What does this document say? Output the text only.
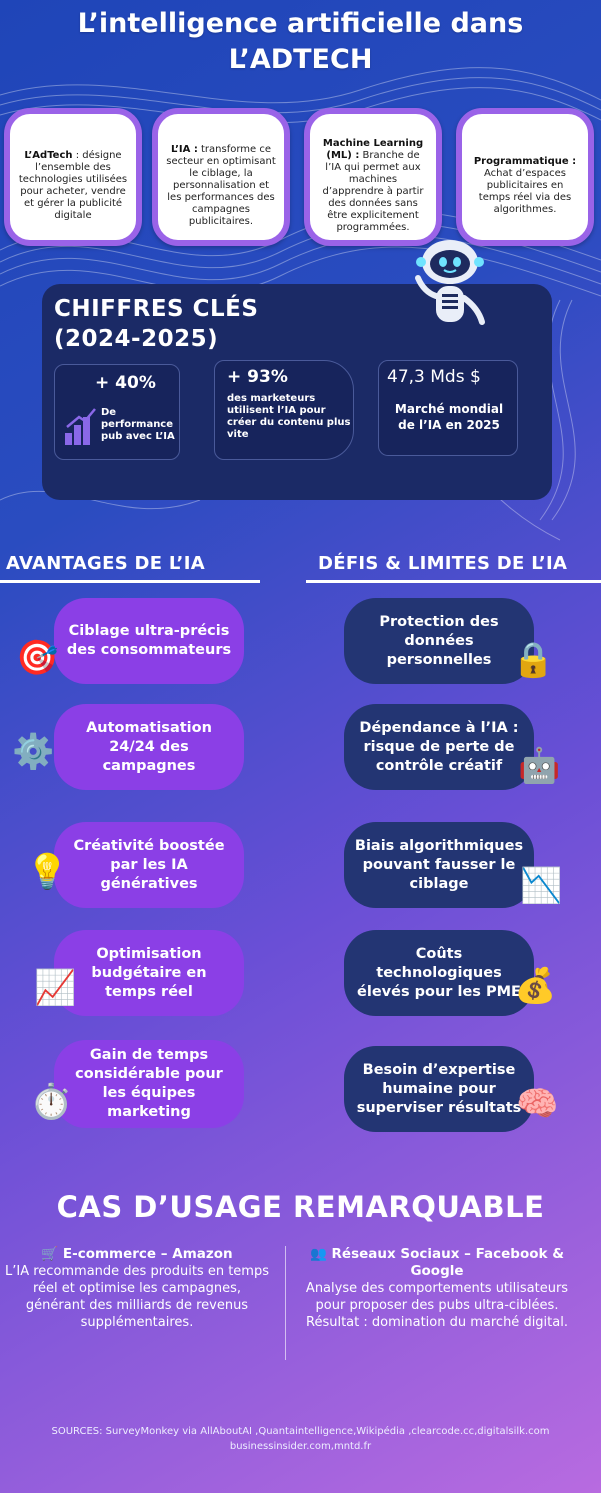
L’intelligence artificielle dans
L’ADTECH
L’AdTech : désigne l’ensemble des technologies utilisées pour acheter, vendre et gérer la publicité digitale
L’IA : transforme ce secteur en optimisant le ciblage, la personnalisation et les performances des campagnes publicitaires.
Machine Learning (ML) : Branche de l’IA qui permet aux machines d’apprendre à partir des données sans être explicitement programmées.
Programmatique : Achat d’espaces publicitaires en temps réel via des algorithmes.
CHIFFRES CLÉS
(2024-2025)
+ 40%
De performance pub avec L’IA
+ 93%
des marketeurs utilisent l’IA pour créer du contenu plus vite
47,3 Mds $
Marché mondial de l’IA en 2025
AVANTAGES DE L’IA	DÉFIS & LIMITES DE L’IA
Ciblage ultra-précis des consommateurs
🎯
Automatisation 24/24 des campagnes
⚙️
Créativité boostée par les IA génératives
💡
Optimisation budgétaire en temps réel
📈
Gain de temps considérable pour les équipes marketing
⏱️
Protection des données personnelles 🔒
Dépendance à l’IA : risque de perte de contrôle créatif 🤖
Biais algorithmiques pouvant fausser le ciblage	📉
Coûts technologiques élevés pour les PME
💰
Besoin d’expertise humaine pour superviser résultats
🧠
CAS D’USAGE REMARQUABLE
🛒 E-commerce – Amazon
L’IA recommande des produits en temps réel et optimise les campagnes, générant des milliards de revenus supplémentaires.
👥 Réseaux Sociaux – Facebook & Google
Analyse des comportements utilisateurs pour proposer des pubs ultra-ciblées. Résultat : domination du marché digital.
SOURCES: SurveyMonkey via AllAboutAI ,Quantaintelligence,Wikipédia ,clearcode.cc,digitalsilk.com
businessinsider.com,mntd.fr
